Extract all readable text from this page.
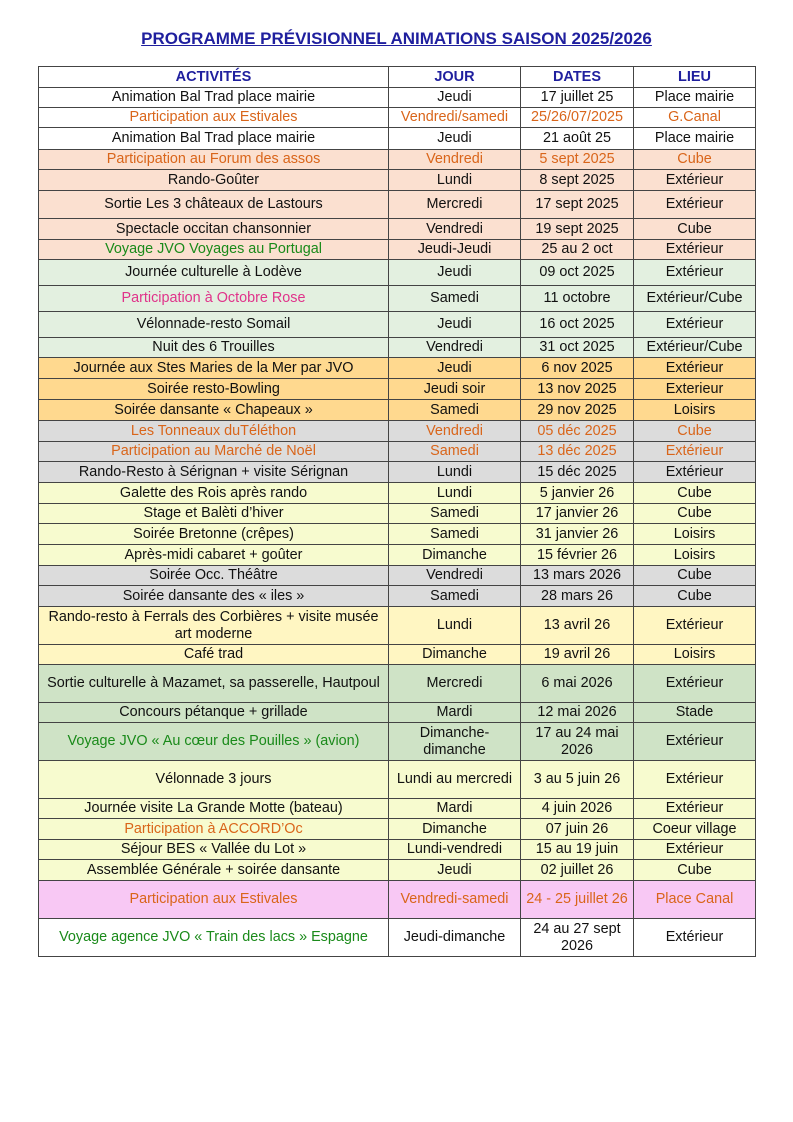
PROGRAMME PRÉVISIONNEL ANIMATIONS SAISON 2025/2026
ACTIVITÉS	JOUR	DATES	LIEU
Animation Bal Trad place mairie	Jeudi	17 juillet 25	Place mairie
Participation aux Estivales	Vendredi/samedi	25/26/07/2025	G.Canal
Animation Bal Trad place mairie	Jeudi	21 août 25	Place mairie
Participation au Forum des assos	Vendredi	5 sept 2025	Cube
Rando-Goûter	Lundi	8 sept 2025	Extérieur
Sortie Les 3 châteaux de Lastours	Mercredi	17 sept 2025	Extérieur
Spectacle occitan chansonnier	Vendredi	19 sept 2025	Cube
Voyage JVO Voyages au Portugal	Jeudi-Jeudi	25 au 2 oct	Extérieur
Journée culturelle à Lodève	Jeudi	09 oct 2025	Extérieur
Participation à Octobre Rose	Samedi	11 octobre	Extérieur/Cube
Vélonnade-resto Somail	Jeudi	16 oct 2025	Extérieur
Nuit des 6 Trouilles	Vendredi	31 oct 2025	Extérieur/Cube
Journée aux Stes Maries de la Mer par JVO	Jeudi	6 nov 2025	Extérieur
Soirée resto-Bowling	Jeudi soir	13 nov 2025	Exterieur
Soirée dansante « Chapeaux »	Samedi	29 nov 2025	Loisirs
Les Tonneaux duTéléthon	Vendredi	05 déc 2025	Cube
Participation au Marché de Noël	Samedi	13 déc 2025	Extérieur
Rando-Resto à Sérignan + visite Sérignan	Lundi	15 déc 2025	Extérieur
Galette des Rois après rando	Lundi	5 janvier 26	Cube
Stage et Balèti d’hiver	Samedi	17 janvier 26	Cube
Soirée Bretonne (crêpes)	Samedi	31 janvier 26	Loisirs
Après-midi cabaret + goûter	Dimanche	15 février 26	Loisirs
Soirée Occ. Théâtre	Vendredi	13 mars 2026	Cube
Soirée dansante des « iles »	Samedi	28 mars 26	Cube
Rando-resto à Ferrals des Corbières + visite musée art moderne	Lundi	13 avril 26	Extérieur
Café trad	Dimanche	19 avril 26	Loisirs
Sortie culturelle à Mazamet, sa passerelle, Hautpoul	Mercredi	6 mai 2026	Extérieur
Concours pétanque + grillade	Mardi	12 mai 2026	Stade
Voyage JVO « Au cœur des Pouilles » (avion)	Dimanche-dimanche	17 au 24 mai 2026	Extérieur
Vélonnade 3 jours	Lundi au mercredi	3 au 5 juin 26	Extérieur
Journée visite La Grande Motte (bateau)	Mardi	4 juin 2026	Extérieur
Participation à ACCORD’Oc	Dimanche	07 juin 26	Coeur village
Séjour BES « Vallée du Lot »	Lundi-vendredi	15 au 19 juin	Extérieur
Assemblée Générale + soirée dansante	Jeudi	02 juillet 26	Cube
Participation aux Estivales	Vendredi-samedi	24 - 25 juillet 26	Place Canal
Voyage agence JVO « Train des lacs » Espagne	Jeudi-dimanche	24 au 27 sept 2026	Extérieur
